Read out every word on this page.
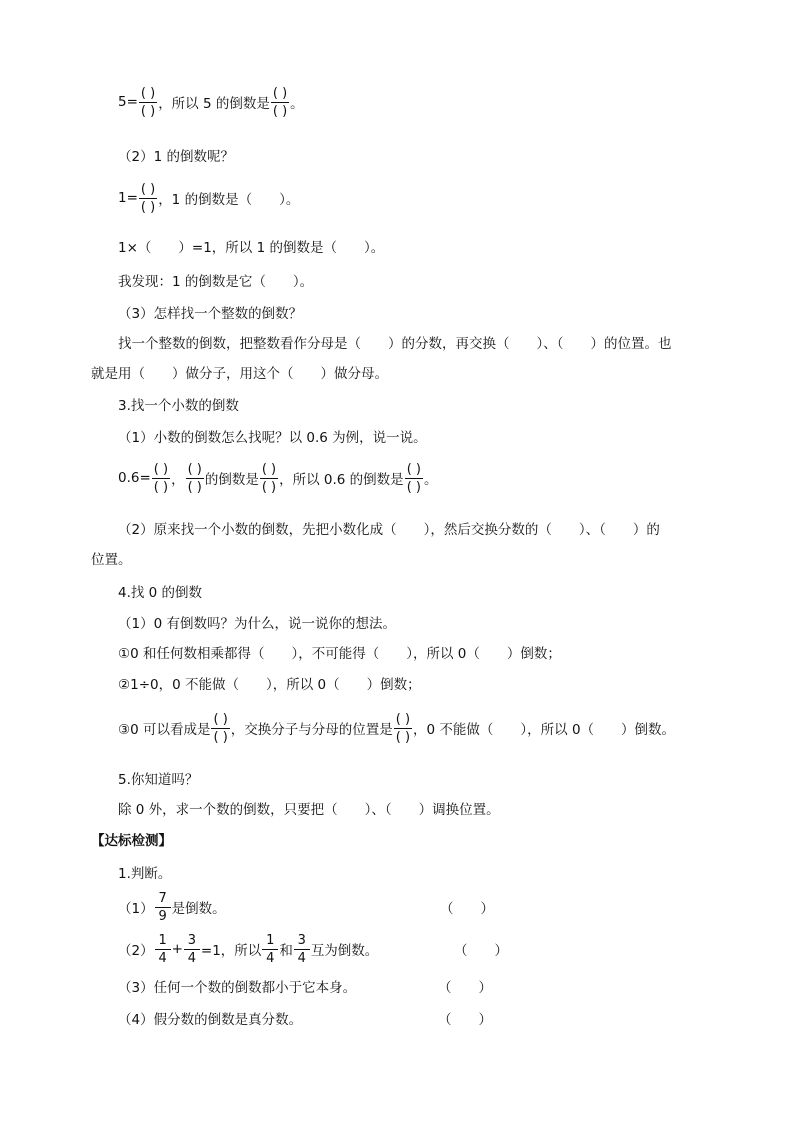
$5= \frac{( )}{( )}$ ，所以 5 的倒数是 $\frac{( )}{( )}$ 。
（2）1 的倒数呢？
$1= \frac{( )}{( )}$ ，1 的倒数是（　　）。
1×（　　）=1，所以 1 的倒数是（　　）。
我发现：1 的倒数是它（　　）。
（3）怎样找一个整数的倒数？
找一个整数的倒数，把整数看作分母是（　　）的分数，再交换（　　）、（　　）的位置。也
就是用（　　）做分子，用这个（　　）做分母。
3.找一个小数的倒数
（1）小数的倒数怎么找呢？以 0.6 为例，说一说。
$0.6= \frac{( )}{( )}$ ， $\frac{( )}{( )}$ 的倒数是 $\frac{( )}{( )}$ ，所以 0.6 的倒数是 $\frac{( )}{( )}$ 。
（2）原来找一个小数的倒数，先把小数化成（　　），然后交换分数的（　　）、（　　）的
位置。
4.找 0 的倒数
（1）0 有倒数吗？为什么，说一说你的想法。
①0 和任何数相乘都得（　　），不可能得（　　），所以 0（　　）倒数；
②1÷0，0 不能做（　　），所以 0（　　）倒数；
③0 可以看成是 $\frac{( )}{( )}$ ，交换分子与分母的位置是 $\frac{( )}{( )}$ ，0 不能做（　　），所以 0（　　）倒数。
5.你知道吗？
除 0 外，求一个数的倒数，只要把（　　）、（　　）调换位置。
【达标检测】
1.判断。
$(1) \frac{7}{9}$ 是倒数。	（　　）
$(2) \frac{1}{4} + \frac{3}{4} =1$，所以 $\frac{1}{4}$ 和 $\frac{3}{4}$ 互为倒数。	（　　）
（3）任何一个数的倒数都小于它本身。	（　　）
（4）假分数的倒数是真分数。	（　　）
